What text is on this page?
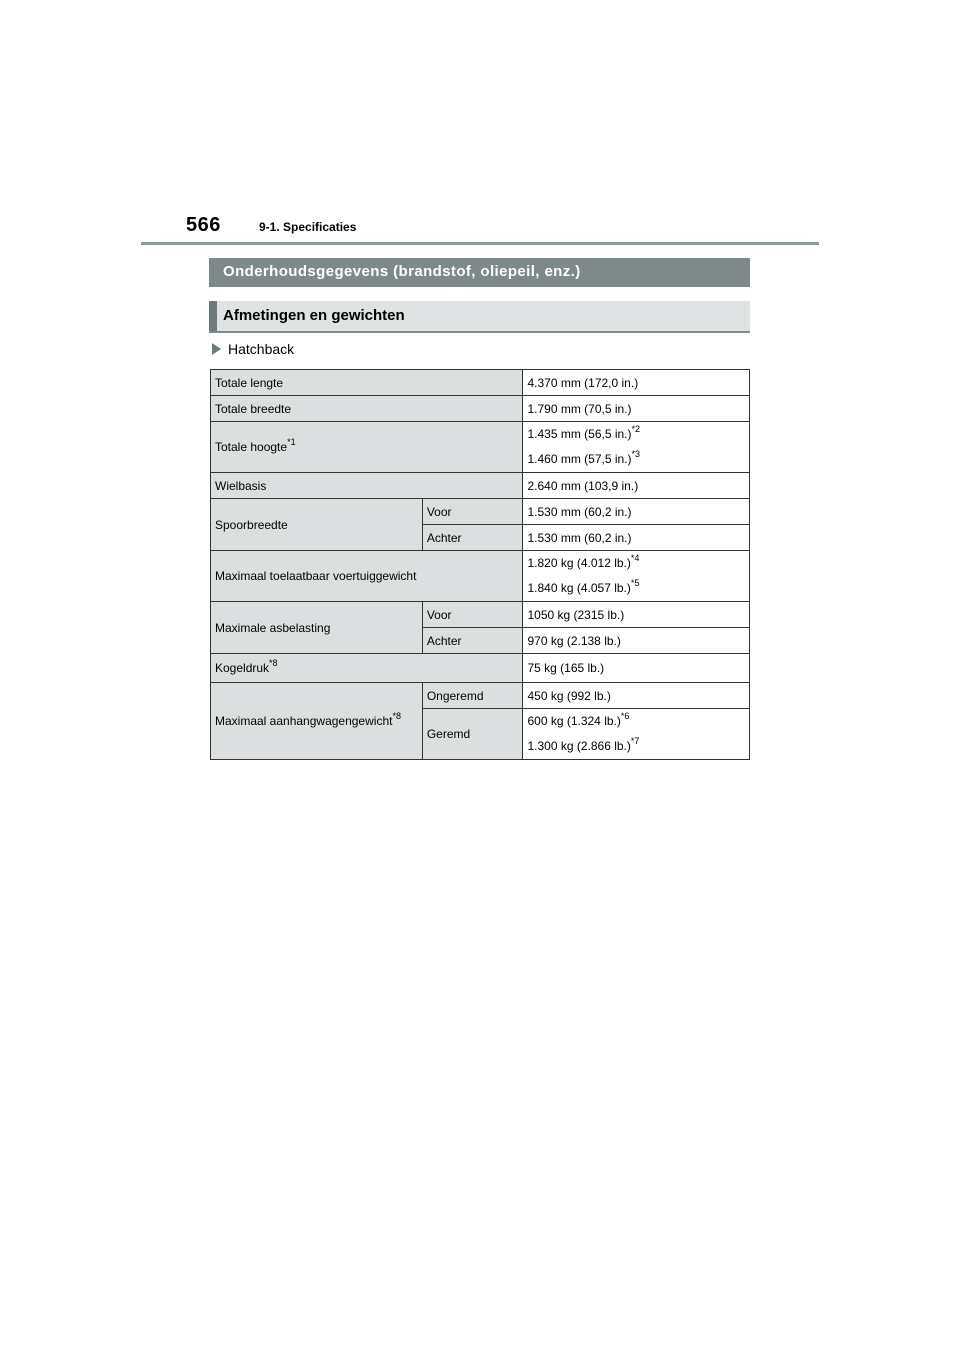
566	9-1. Specificaties
Onderhoudsgegevens (brandstof, oliepeil, enz.)
Afmetingen en gewichten
Hatchback
Totale lengte		4.370 mm (172,0 in.)
Totale breedte		1.790 mm (70,5 in.)
Totale hoogte$^{*1}$		1.435 mm (56,5 in.)$^{*2}$
1.460 mm (57,5 in.)$^{*3}$

Wielbasis		2.640 mm (103,9 in.)
Spoorbreedte	Voor	1.530 mm (60,2 in.)
	Achter	1.530 mm (60,2 in.)
Maximaal toelaatbaar voertuiggewicht		1.820 kg (4.012 lb.)$^{*4}$
1.840 kg (4.057 lb.)$^{*5}$

Maximale asbelasting	Voor	1050 kg (2315 lb.)
	Achter	970 kg (2.138 lb.)
Kogeldruk$^{*8}$		75 kg (165 lb.)
Maximaal aanhangwagengewicht$^{*8}$	Ongeremd	450 kg (992 lb.)
	Geremd	600 kg (1.324 lb.)$^{*6}$
1.300 kg (2.866 lb.)$^{*7}$
